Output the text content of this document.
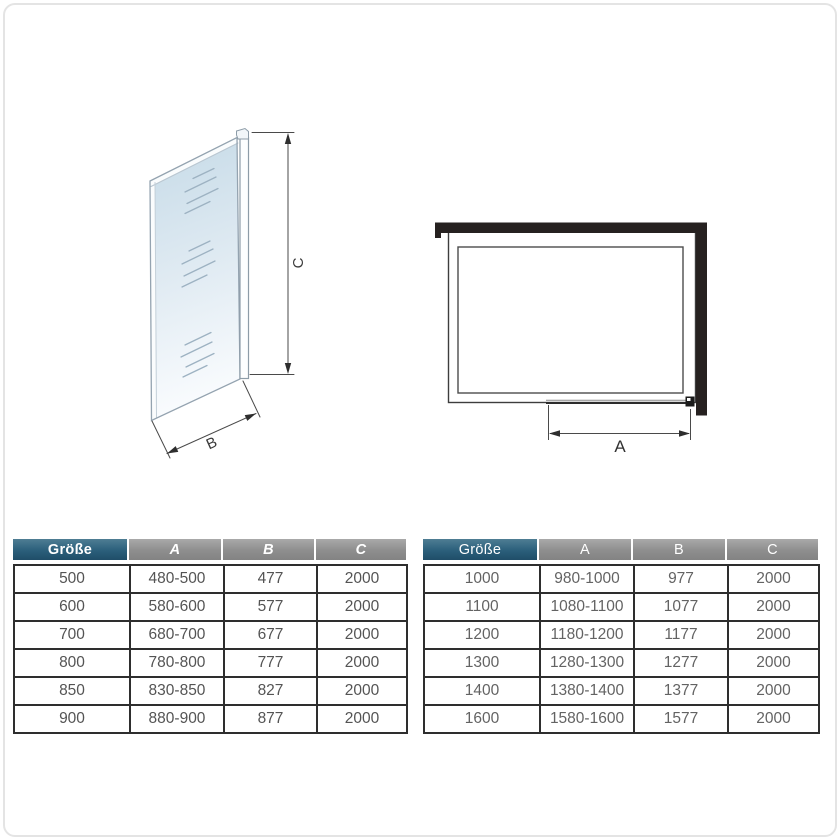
C
B	A
Größe	A	B	C
500	480-500	477	2000
600	580-600	577	2000
700	680-700	677	2000
800	780-800	777	2000
850	830-850	827	2000
900	880-900	877	2000
Größe	A	B	C
1000	980-1000	977	2000
1100	1080-1100	1077	2000
1200	1180-1200	1177	2000
1300	1280-1300	1277	2000
1400	1380-1400	1377	2000
1600	1580-1600	1577	2000
